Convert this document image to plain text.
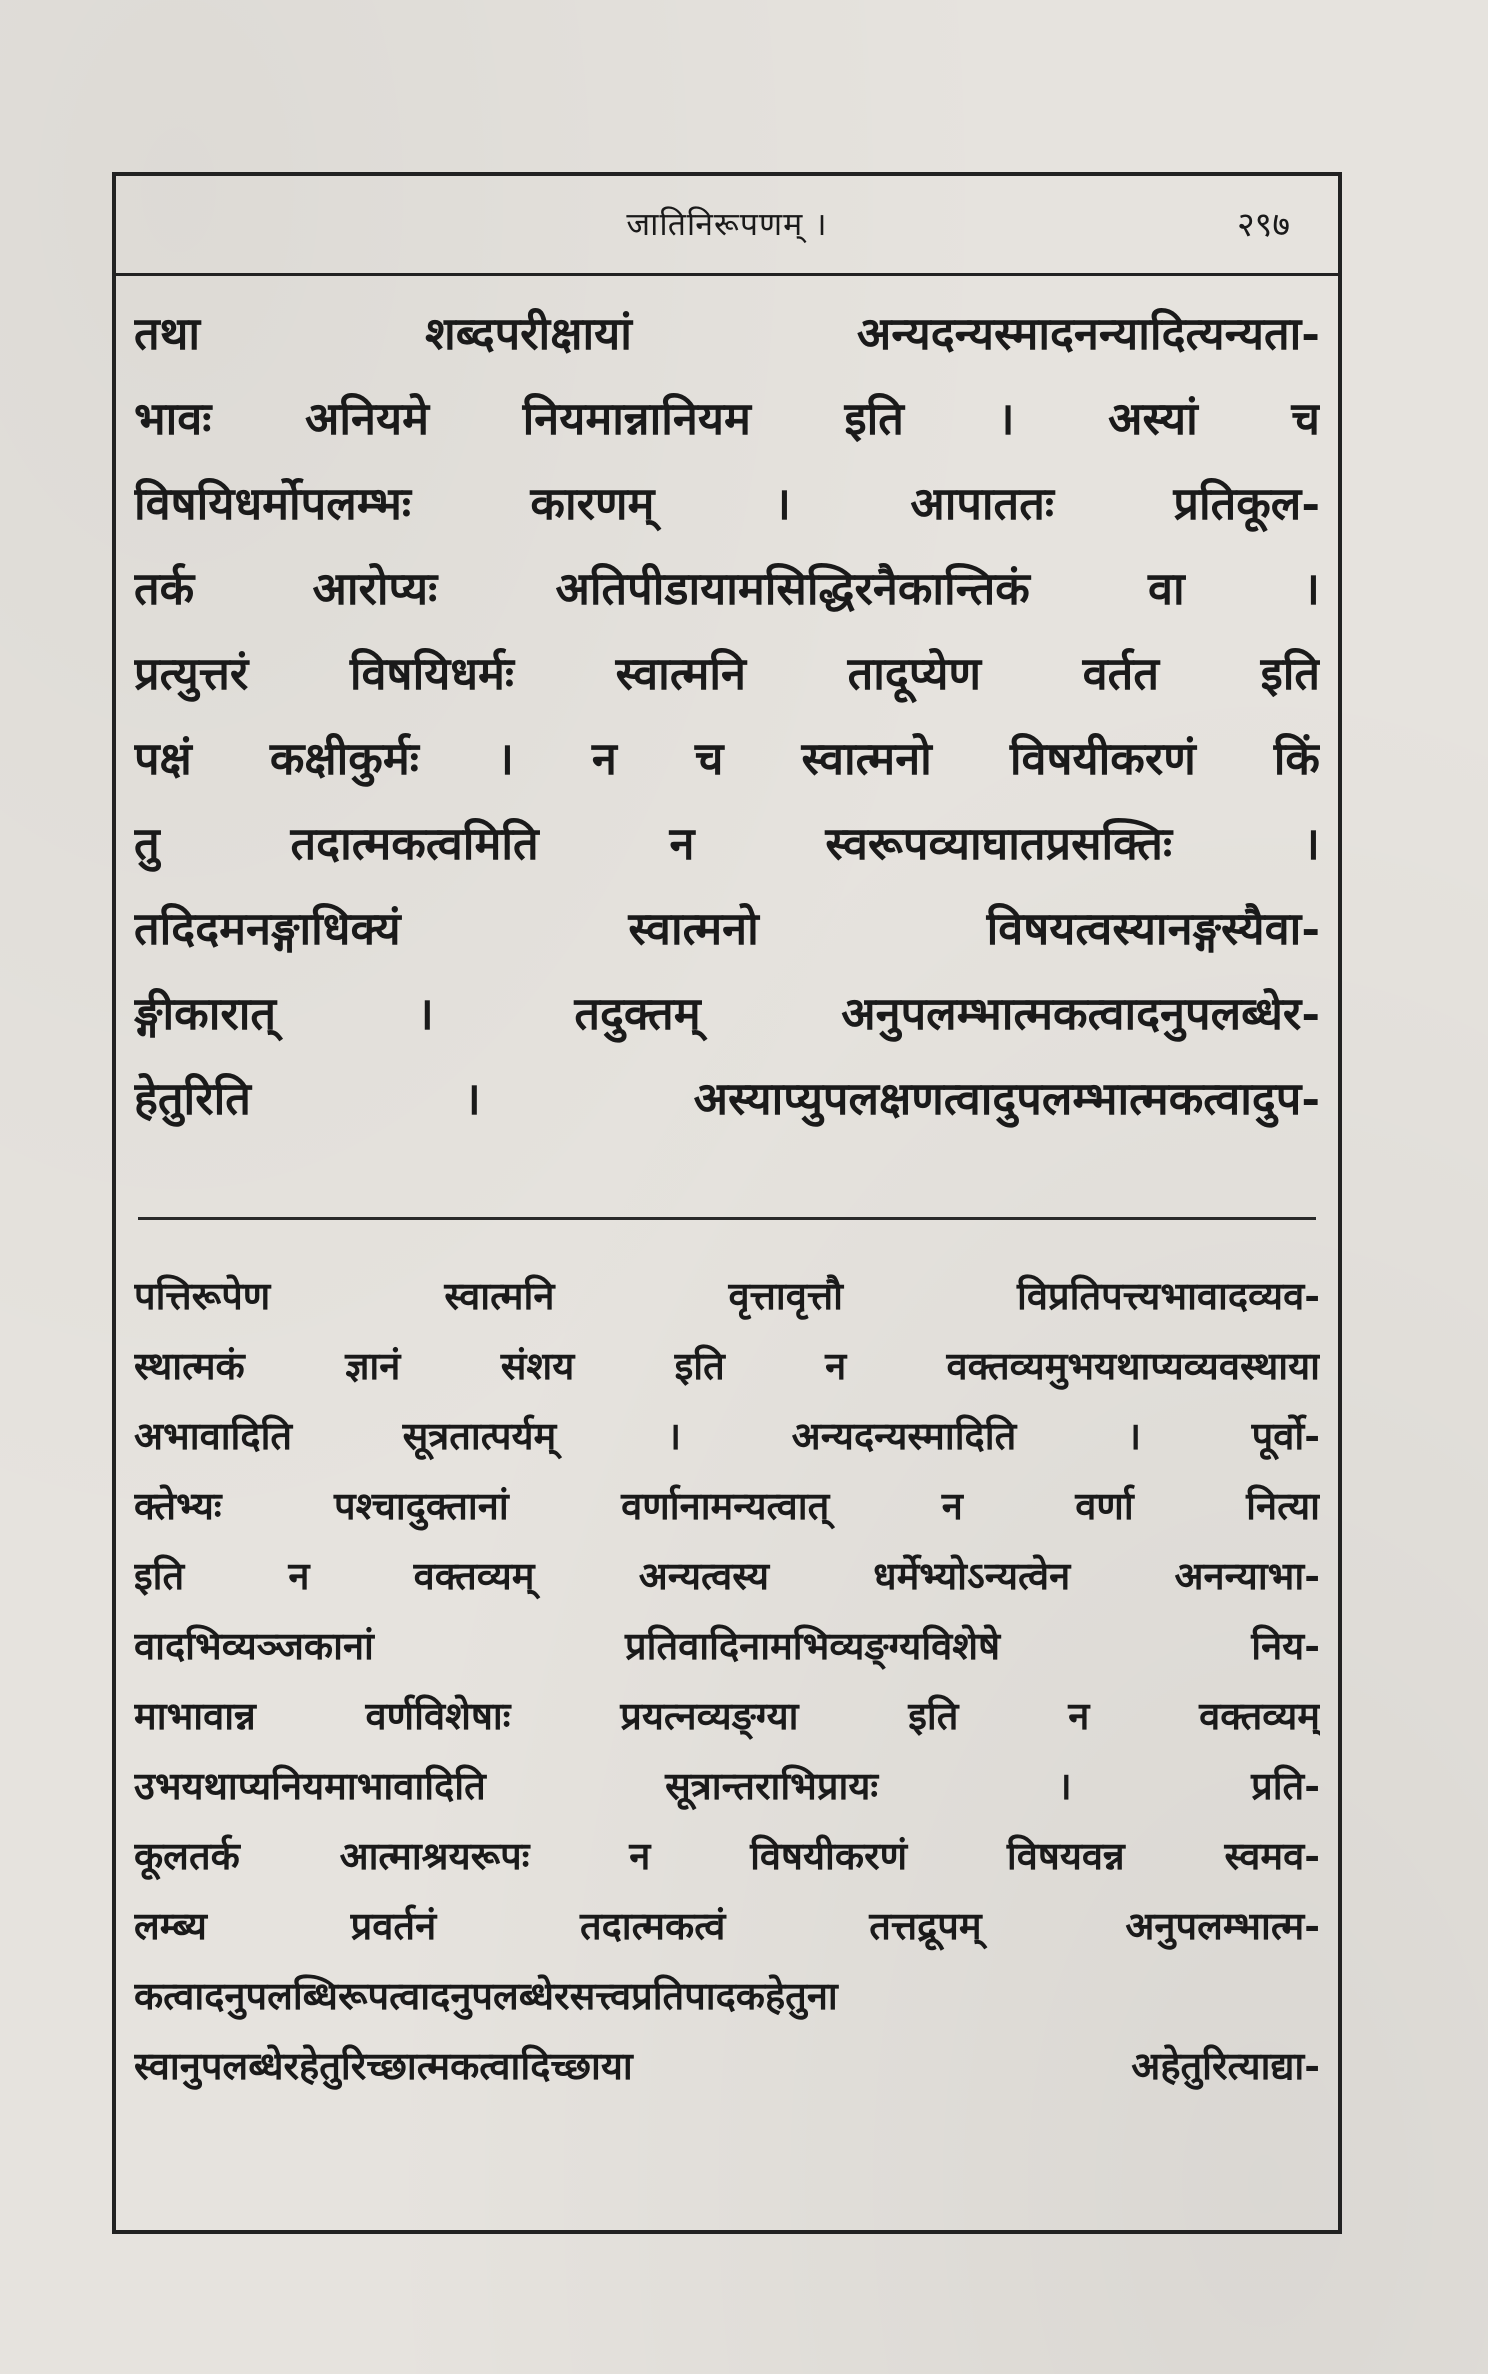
जातिनिरूपणम् ।	२९७
तथा शब्दपरीक्षायां अन्यदन्यस्मादनन्यादित्यन्यता-
भावः अनियमे नियमान्नानियम इति । अस्यां च
विषयिधर्मोपलम्भः कारणम् । आपाततः प्रतिकूल-
तर्क आरोप्यः अतिपीडायामसिद्धिरनैकान्तिकं वा ।
प्रत्युत्तरं विषयिधर्मः स्वात्मनि तादूप्येण वर्तत इति
पक्षं कक्षीकुर्मः । न च स्वात्मनो विषयीकरणं किं
तु तदात्मकत्वमिति न स्वरूपव्याघातप्रसक्तिः ।
तदिदमनङ्गाधिक्यं स्वात्मनो विषयत्वस्यानङ्गस्यैवा-
ङ्गीकारात् । तदुक्तम् अनुपलम्भात्मकत्वादनुपलब्धेर-
हेतुरिति । अस्याप्युपलक्षणत्वादुपलम्भात्मकत्वादुप-
पत्तिरूपेण स्वात्मनि वृत्तावृत्तौ विप्रतिपत्त्यभावादव्यव-
स्थात्मकं ज्ञानं संशय इति न वक्तव्यमुभयथाप्यव्यवस्थाया
अभावादिति सूत्रतात्पर्यम् । अन्यदन्यस्मादिति । पूर्वो-
क्तेभ्यः पश्चादुक्तानां वर्णानामन्यत्वात् न वर्णा नित्या
इति न वक्तव्यम् अन्यत्वस्य धर्मेभ्योऽन्यत्वेन अनन्याभा-
वादभिव्यञ्जकानां प्रतिवादिनामभिव्यङ्ग्यविशेषे निय-
माभावान्न वर्णविशेषाः प्रयत्नव्यङ्ग्या इति न वक्तव्यम्
उभयथाप्यनियमाभावादिति सूत्रान्तराभिप्रायः । प्रति-
कूलतर्क आत्माश्रयरूपः न विषयीकरणं विषयवन्न स्वमव-
लम्ब्य प्रवर्तनं तदात्मकत्वं तत्तद्रूपम् अनुपलम्भात्म-
कत्वादनुपलब्धिरूपत्वादनुपलब्धेरसत्त्वप्रतिपादकहेतुना
स्वानुपलब्धेरहेतुरिच्छात्मकत्वादिच्छाया अहेतुरित्याद्या-
